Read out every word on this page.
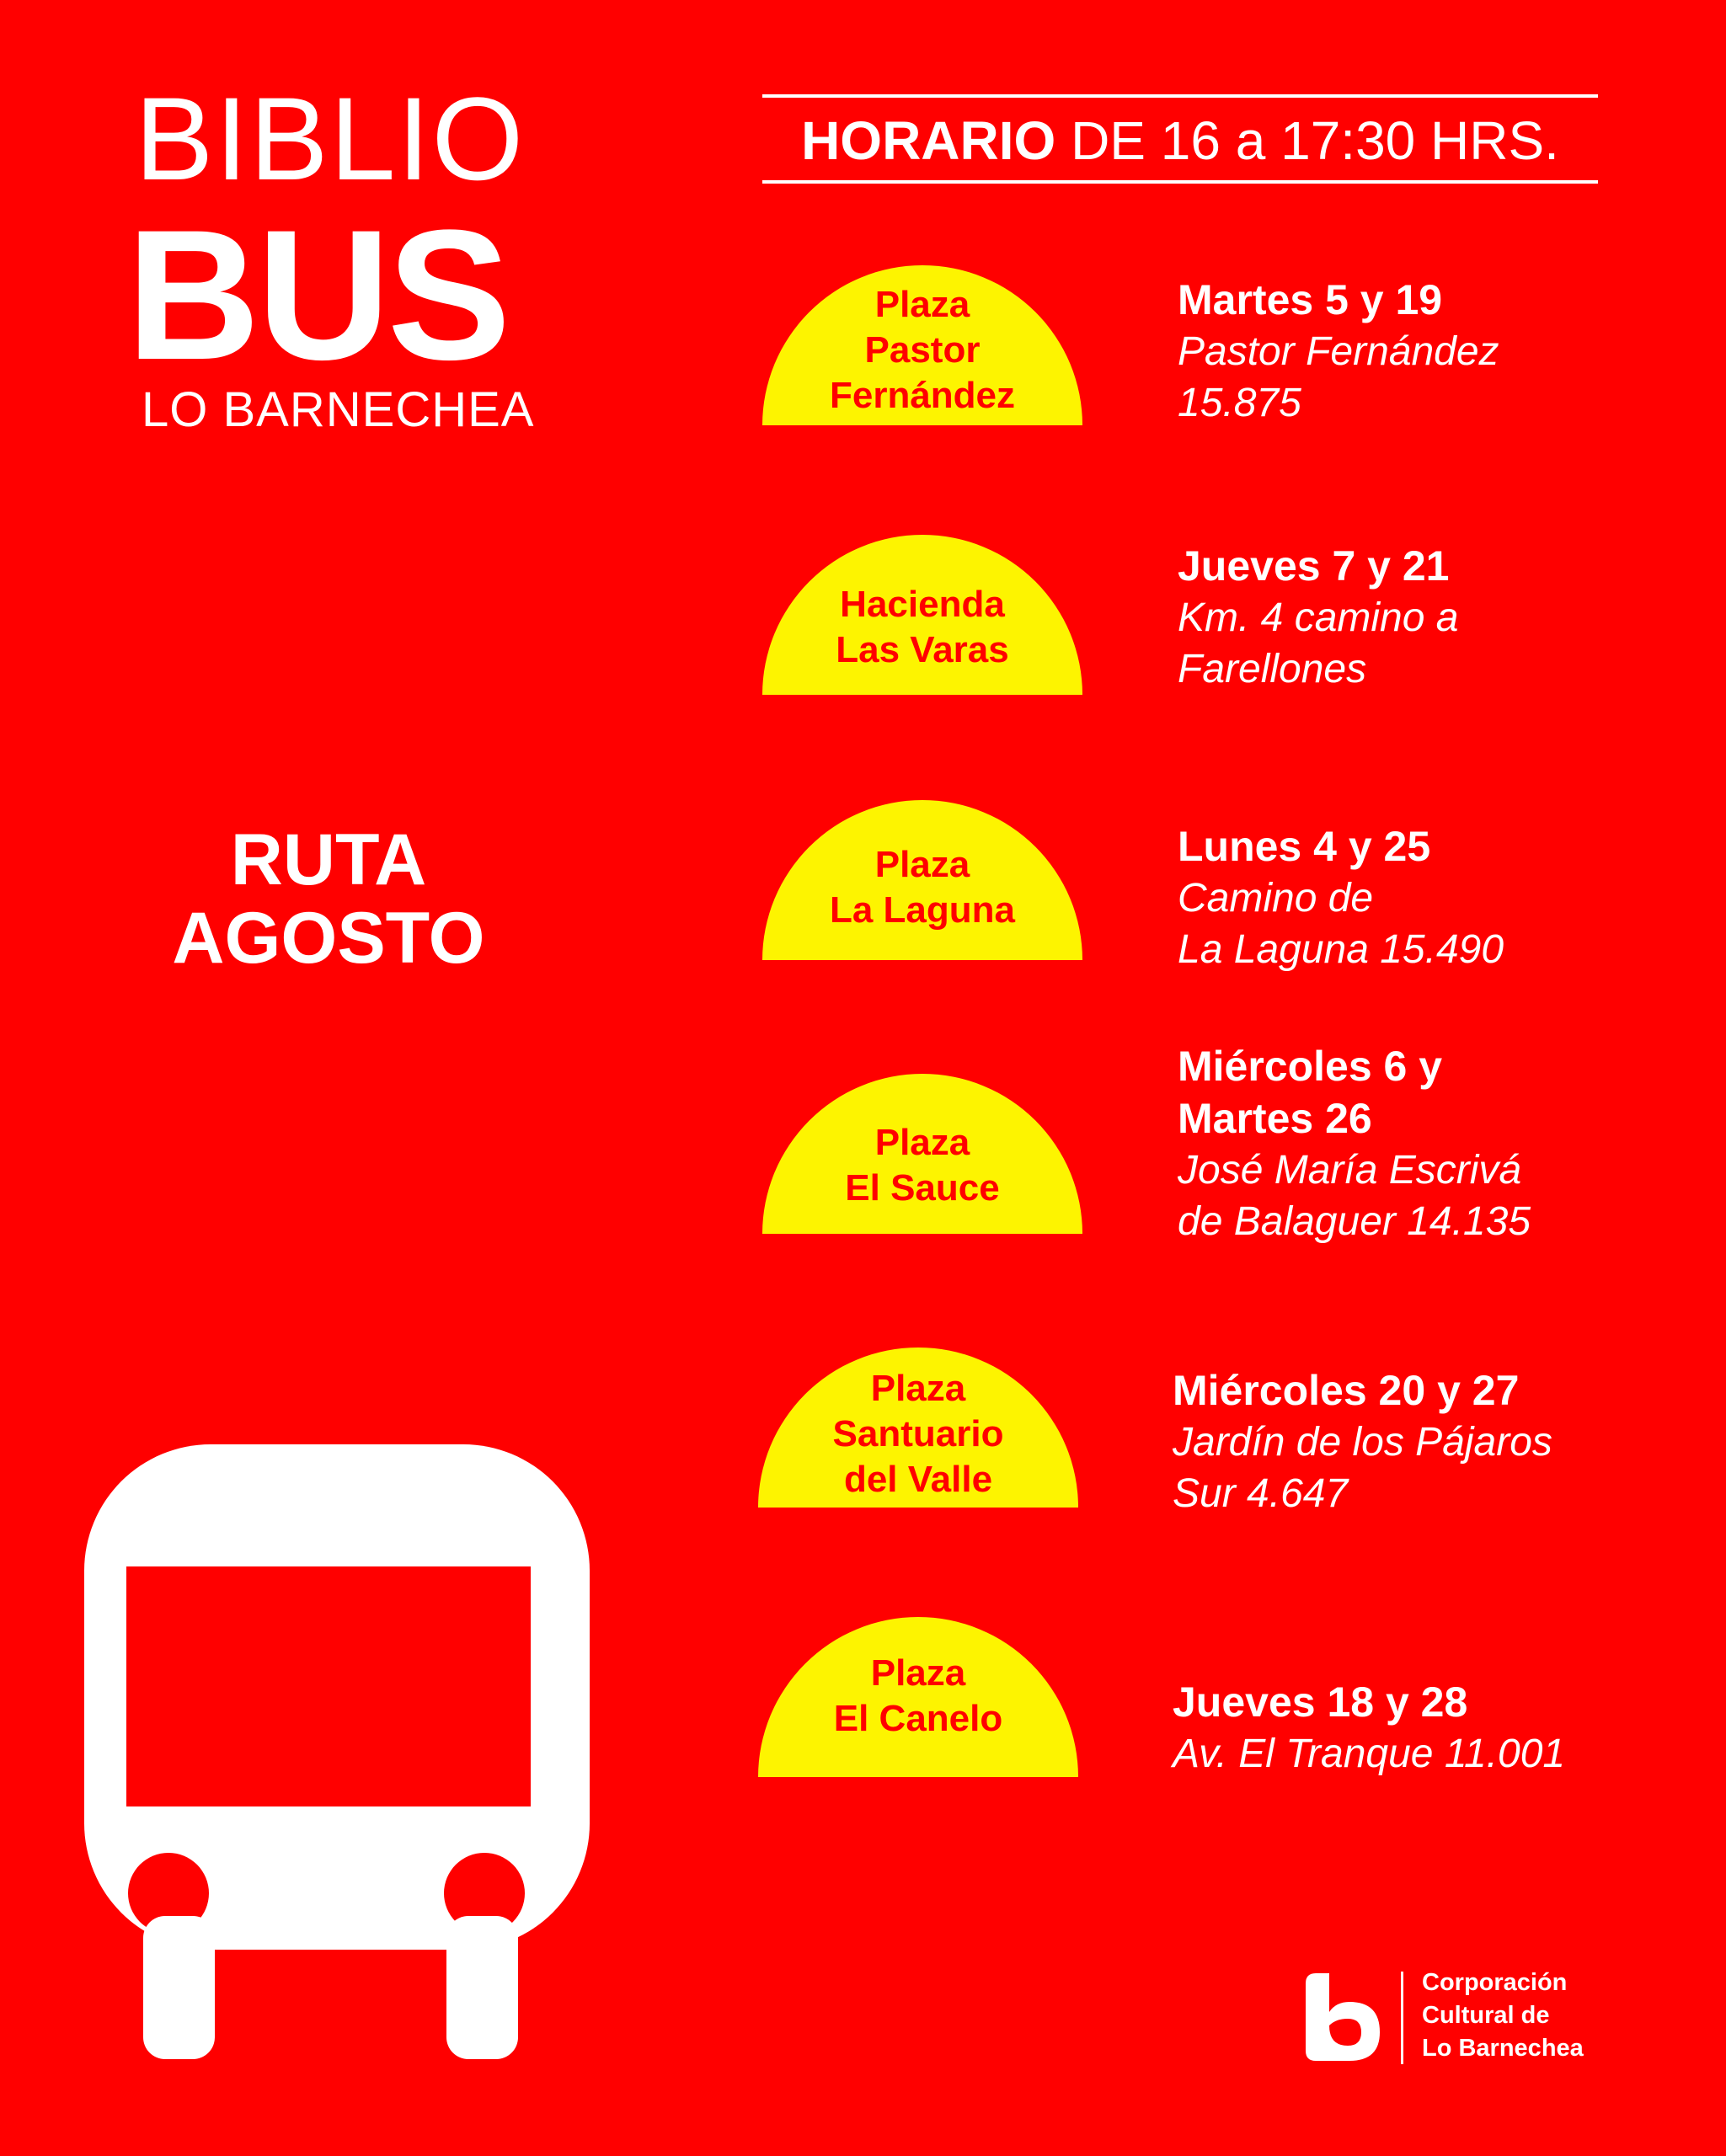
BIBLIO
BUS
LO BARNECHEA
RUTA
AGOSTO
HORARIO DE 16 a 17:30 HRS.
Plaza
Pastor
Fernández
Martes 5 y 19
Pastor Fernández
15.875
Hacienda
Las Varas
Jueves 7 y 21
Km. 4 camino a
Farellones
Plaza
La Laguna
Lunes 4 y 25
Camino de
La Laguna 15.490
Plaza
El Sauce
Miércoles 6 y
Martes 26
José María Escrivá
de Balaguer 14.135
Plaza
Santuario
del Valle
Miércoles 20 y 27
Jardín de los Pájaros
Sur 4.647
Plaza
El Canelo	Jueves 18 y 28
Av. El Tranque 11.001
Corporación
Cultural de
Lo Barnechea
